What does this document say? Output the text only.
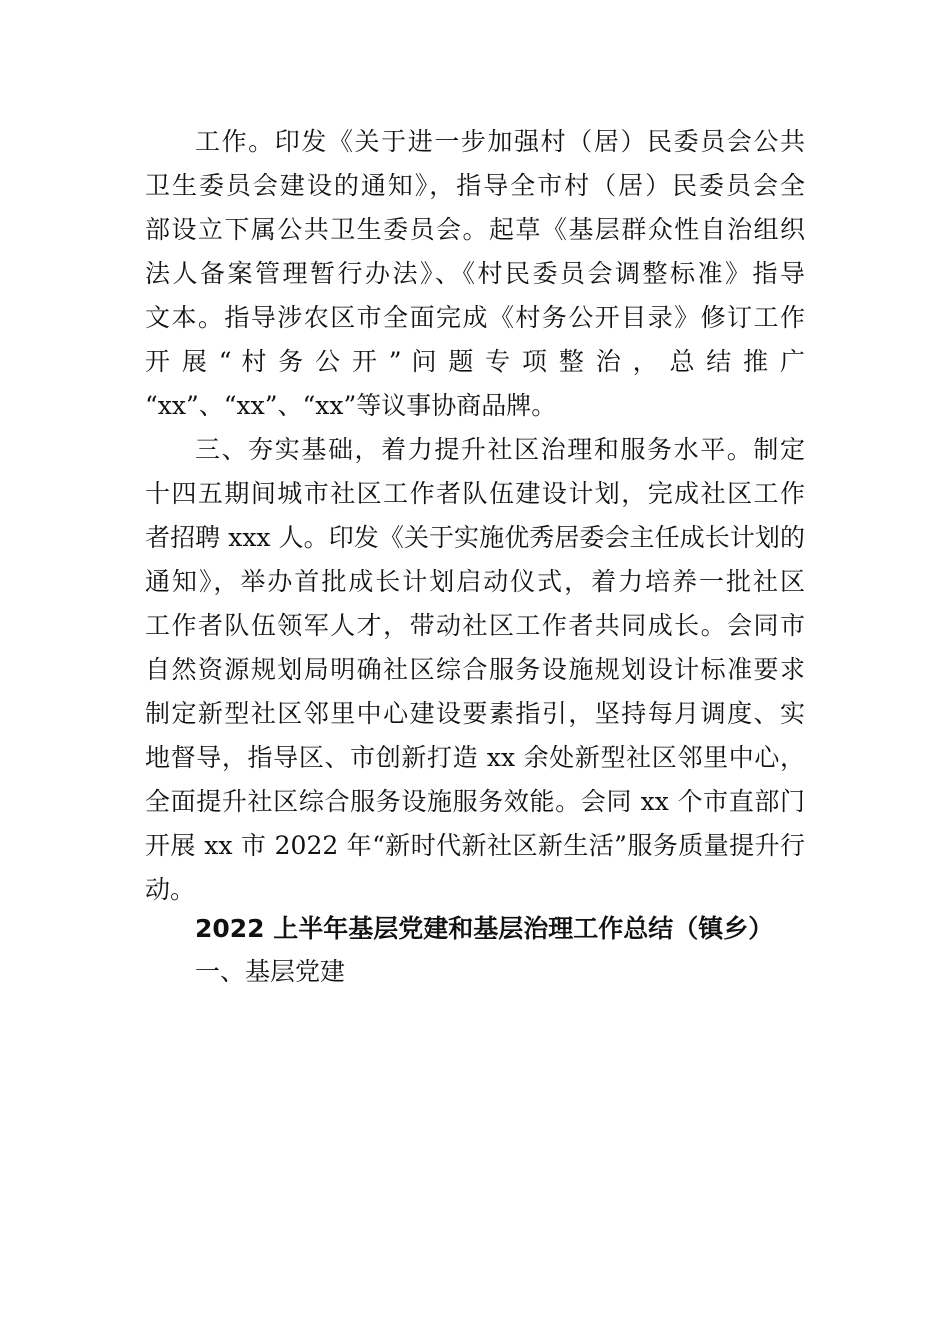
工作。印发《关于进一步加强村（居）民委员会公共
卫生委员会建设的通知》，指导全市村（居）民委员会全
部设立下属公共卫生委员会。起草《基层群众性自治组织
法人备案管理暂行办法》、《村民委员会调整标准》指导
文本。指导涉农区市全面完成《村务公开目录》修订工作
开 展 “ 村 务 公 开 ” 问 题 专 项 整 治 ， 总 结 推 广
“xx”、“xx”、“xx”等议事协商品牌。
三、夯实基础，着力提升社区治理和服务水平。制定
十四五期间城市社区工作者队伍建设计划，完成社区工作
者招聘 xxx 人。印发《关于实施优秀居委会主任成长计划的
通知》，举办首批成长计划启动仪式，着力培养一批社区
工作者队伍领军人才，带动社区工作者共同成长。会同市
自然资源规划局明确社区综合服务设施规划设计标准要求
制定新型社区邻里中心建设要素指引，坚持每月调度、实
地督导，指导区、市创新打造 xx 余处新型社区邻里中心，
全面提升社区综合服务设施服务效能。会同 xx 个市直部门
开展 xx 市 2022 年“新时代新社区新生活”服务质量提升行
动。
2022 上半年基层党建和基层治理工作总结（镇乡）
一、基层党建
